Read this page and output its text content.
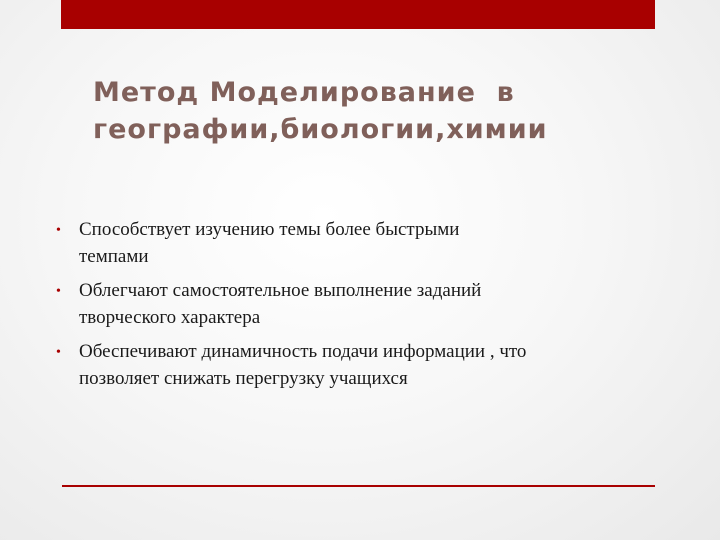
Метод Моделирование  в
географии,биологии,химии
• Способствует изучению темы более быстрыми
темпами
• Облегчают самостоятельное выполнение заданий
творческого характера
• Обеспечивают динамичность подачи информации , что
позволяет снижать перегрузку учащихся
